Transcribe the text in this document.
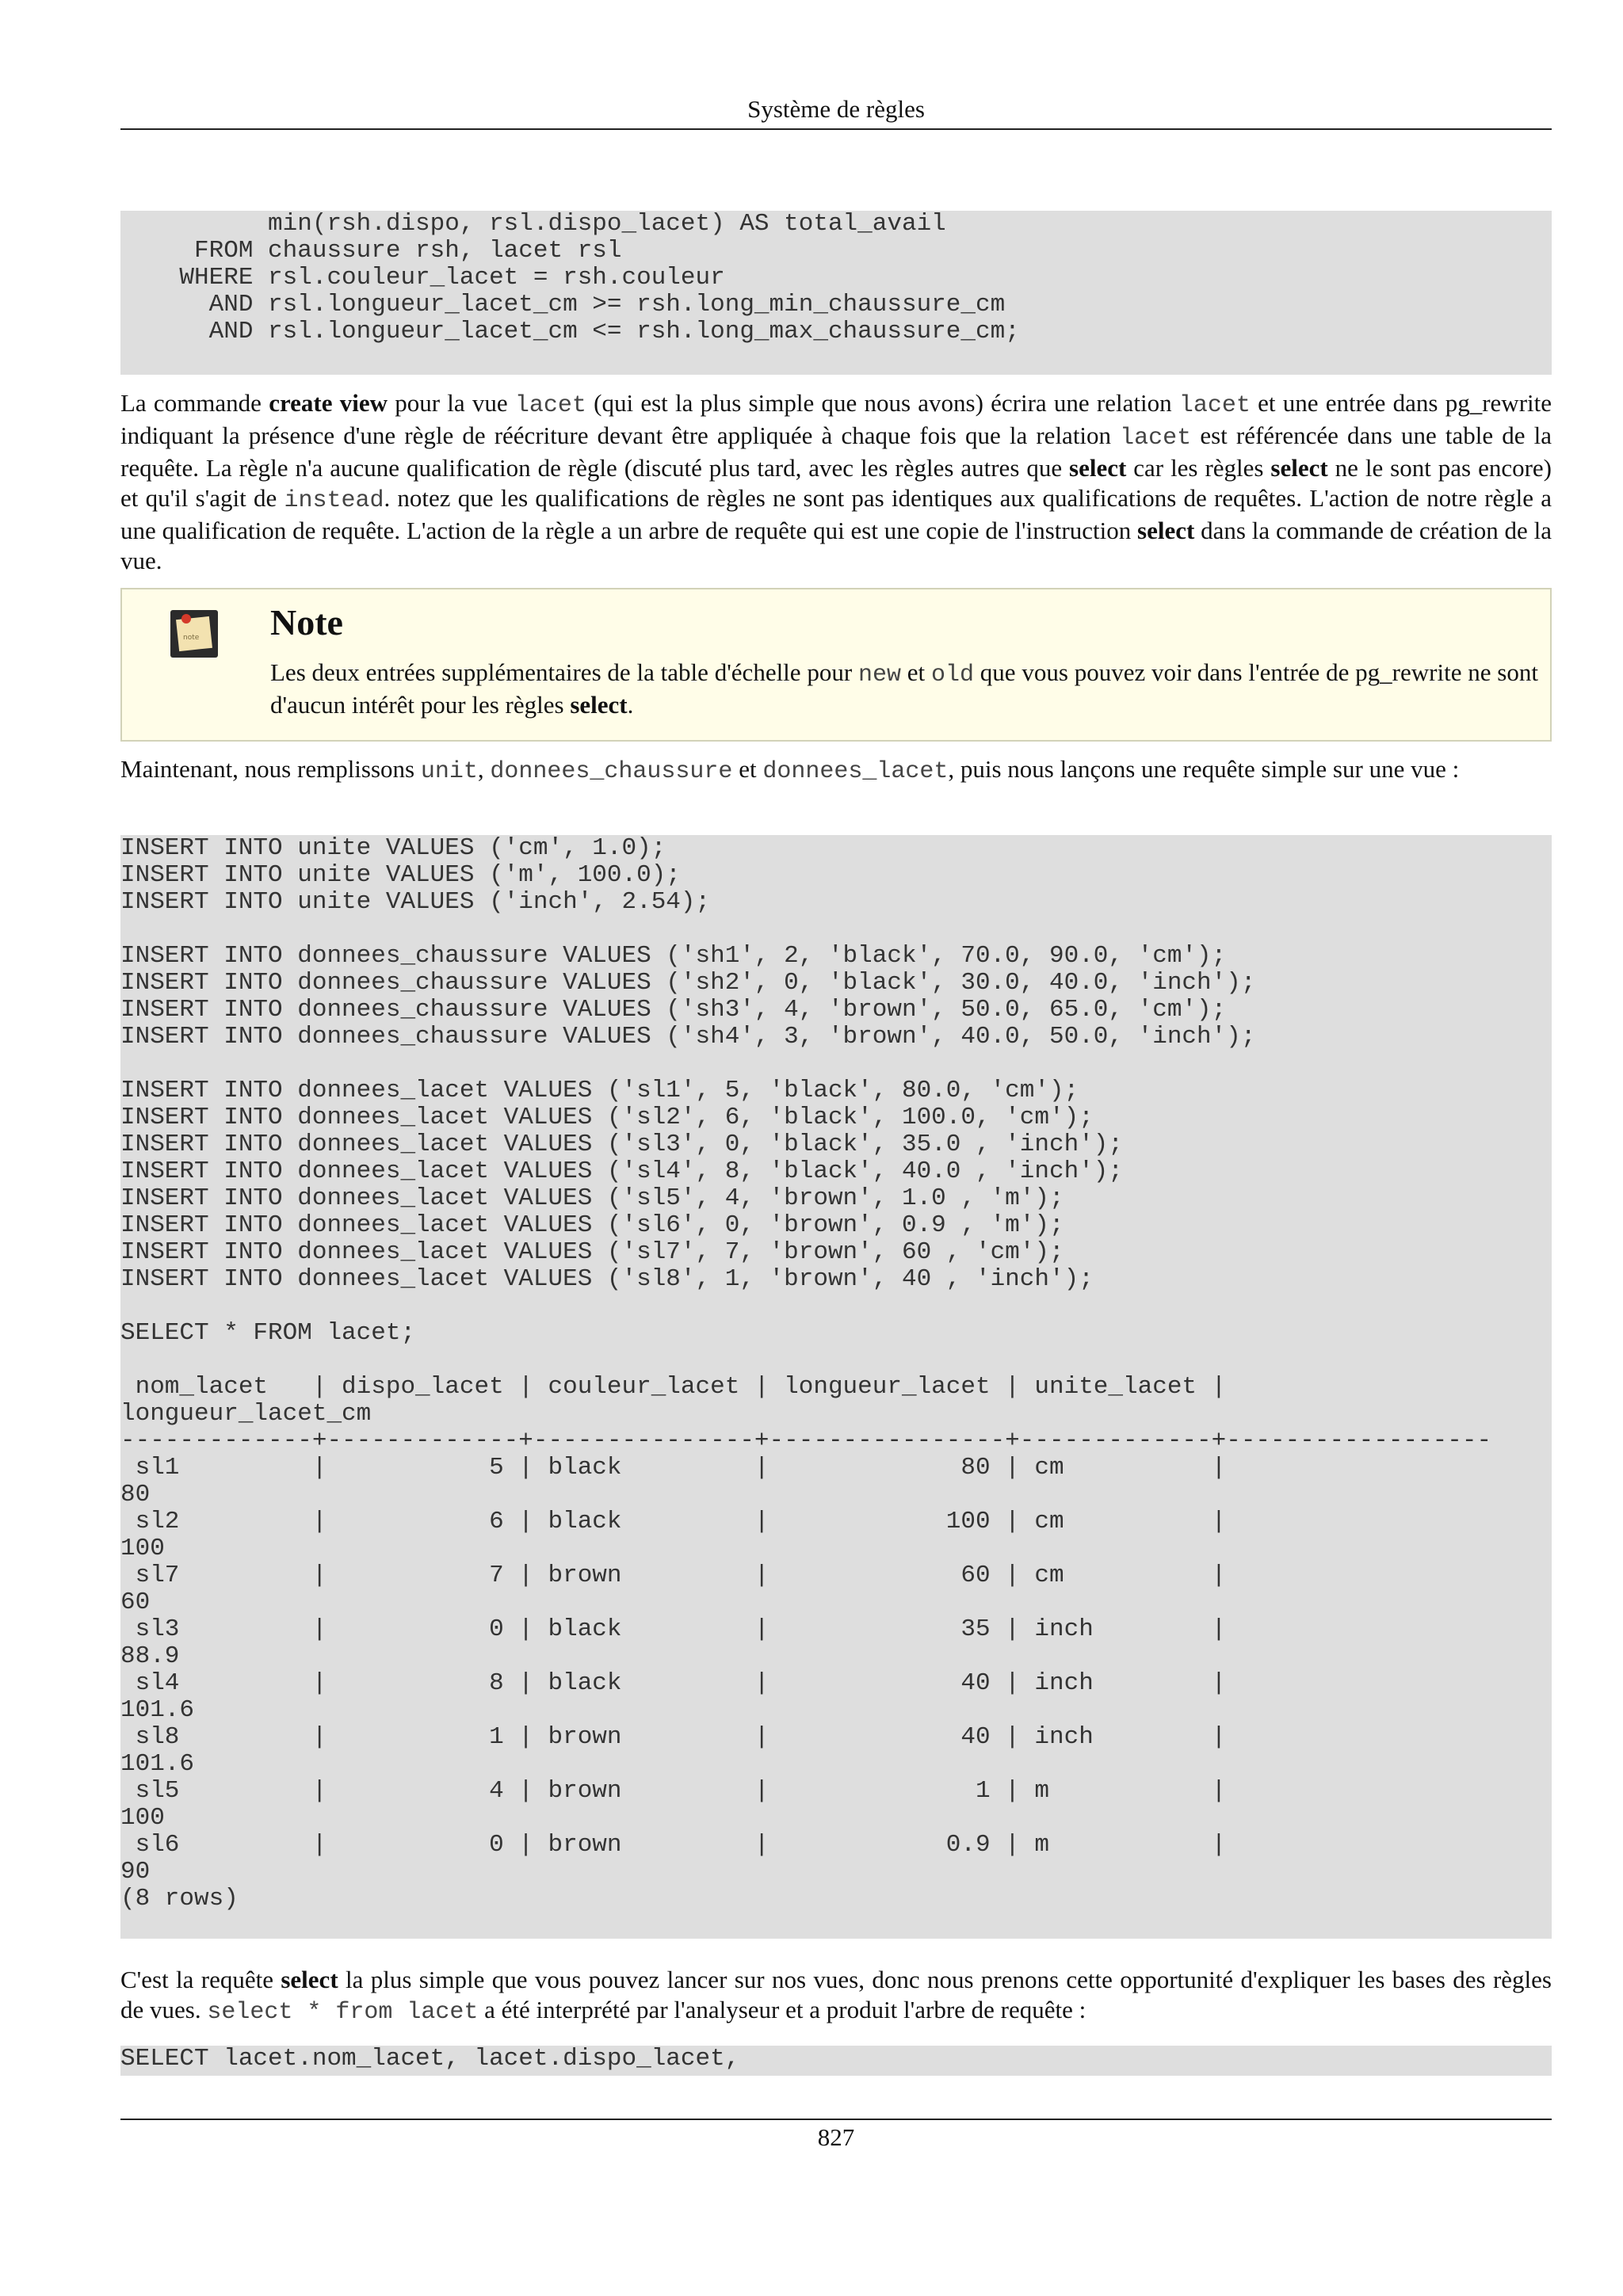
Système de règles
min(rsh.dispo, rsl.dispo_lacet) AS total_avail
FROM chaussure rsh, lacet rsl
WHERE rsl.couleur_lacet = rsh.couleur
AND rsl.longueur_lacet_cm >= rsh.long_min_chaussure_cm
AND rsl.longueur_lacet_cm <= rsh.long_max_chaussure_cm;

La commande create view pour la vue lacet (qui est la plus simple que nous avons) écrira une relation lacet et une entrée dans pg_rewrite indiquant la présence d'une règle de réécriture devant être appliquée à chaque fois que la relation lacet est référencée dans une table de la requête. La règle n'a aucune qualification de règle (discuté plus tard, avec les règles autres que select car les règles select ne le sont pas encore) et qu'il s'agit de instead. notez que les qualifications de règles ne sont pas identiques aux qualifications de requêtes. L'action de notre règle a une qualification de requête. L'action de la règle a un arbre de requête qui est une copie de l'instruction select dans la commande de création de la vue.

note Note

Les deux entrées supplémentaires de la table d'échelle pour new et old que vous pouvez voir dans l'entrée de pg_rewrite ne sont d'aucun intérêt pour les règles select.

Maintenant, nous remplissons unit, donnees_chaussure et donnees_lacet, puis nous lançons une requête simple sur une vue :

INSERT INTO unite VALUES ('cm', 1.0);
INSERT INTO unite VALUES ('m', 100.0);
INSERT INTO unite VALUES ('inch', 2.54);

INSERT INTO donnees_chaussure VALUES ('sh1', 2, 'black', 70.0, 90.0, 'cm');
INSERT INTO donnees_chaussure VALUES ('sh2', 0, 'black', 30.0, 40.0, 'inch');
INSERT INTO donnees_chaussure VALUES ('sh3', 4, 'brown', 50.0, 65.0, 'cm');
INSERT INTO donnees_chaussure VALUES ('sh4', 3, 'brown', 40.0, 50.0, 'inch');

INSERT INTO donnees_lacet VALUES ('sl1', 5, 'black', 80.0, 'cm');
INSERT INTO donnees_lacet VALUES ('sl2', 6, 'black', 100.0, 'cm');
INSERT INTO donnees_lacet VALUES ('sl3', 0, 'black', 35.0 , 'inch');
INSERT INTO donnees_lacet VALUES ('sl4', 8, 'black', 40.0 , 'inch');
INSERT INTO donnees_lacet VALUES ('sl5', 4, 'brown', 1.0 , 'm');
INSERT INTO donnees_lacet VALUES ('sl6', 0, 'brown', 0.9 , 'm');
INSERT INTO donnees_lacet VALUES ('sl7', 7, 'brown', 60 , 'cm');
INSERT INTO donnees_lacet VALUES ('sl8', 1, 'brown', 40 , 'inch');

SELECT * FROM lacet;

nom_lacet   | dispo_lacet | couleur_lacet | longueur_lacet | unite_lacet |
longueur_lacet_cm
-------------+-------------+---------------+----------------+-------------+------------------
sl1         |           5 | black         |             80 | cm          |
80
sl2         |           6 | black         |            100 | cm          |
100
sl7         |           7 | brown         |             60 | cm          |
60
sl3         |           0 | black         |             35 | inch        |
88.9
sl4         |           8 | black         |             40 | inch        |
101.6
sl8         |           1 | brown         |             40 | inch        |
101.6
sl5         |           4 | brown         |              1 | m           |
100
sl6         |           0 | brown         |            0.9 | m           |
90
(8 rows)

C'est la requête select la plus simple que vous pouvez lancer sur nos vues, donc nous prenons cette opportunité d'expliquer les bases des règles de vues. select * from lacet a été interprété par l'analyseur et a produit l'arbre de requête :

SELECT lacet.nom_lacet, lacet.dispo_lacet,
827
